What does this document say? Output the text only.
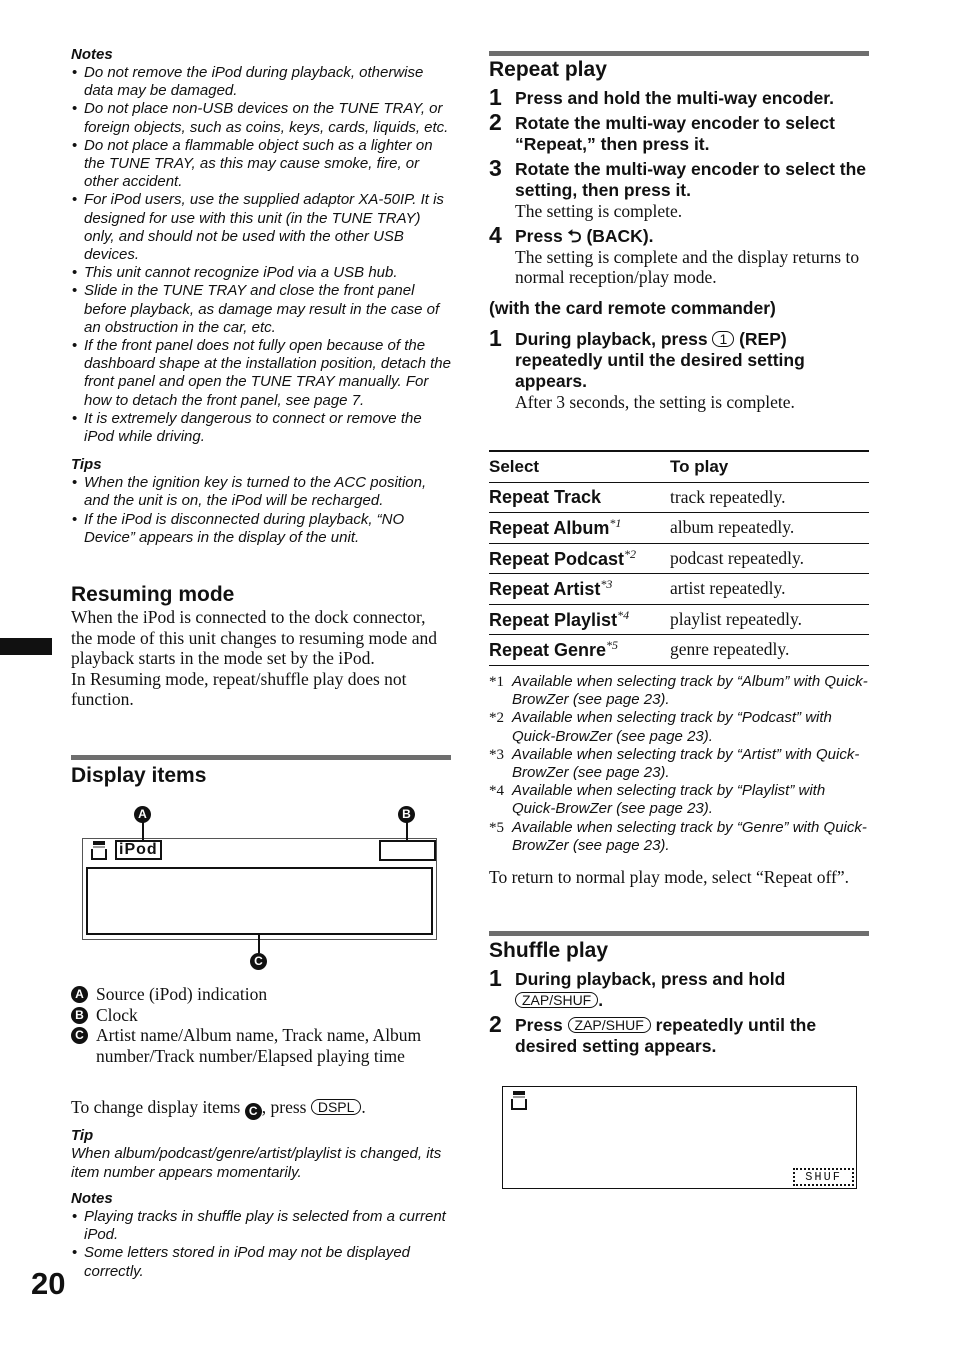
Notes
• Do not remove the iPod during playback, otherwise data may be damaged.
• Do not place non-USB devices on the TUNE TRAY, or foreign objects, such as coins, keys, cards, liquids, etc.
• Do not place a flammable object such as a lighter on the TUNE TRAY, as this may cause smoke, fire, or other accident.
• For iPod users, use the supplied adaptor XA-50IP. It is designed for use with this unit (in the TUNE TRAY) only, and should not be used with the other USB devices.
• This unit cannot recognize iPod via a USB hub.
• Slide in the TUNE TRAY and close the front panel before playback, as damage may result in the case of an obstruction in the car, etc.
• If the front panel does not fully open because of the dashboard shape at the installation position, detach the front panel and open the TUNE TRAY manually. For how to detach the front panel, see page 7.
• It is extremely dangerous to connect or remove the iPod while driving.
Tips
• When the ignition key is turned to the ACC position, and the unit is on, the iPod will be recharged.
• If the iPod is disconnected during playback, “NO Device” appears in the display of the unit.
Resuming mode
When the iPod is connected to the dock connector, the mode of this unit changes to resuming mode and playback starts in the mode set by the iPod.
In Resuming mode, repeat/shuffle play does not function.
Display items
iPod
A	B
C
A Source (iPod) indication
B Clock
C Artist name/Album name, Track name, Album number/Track number/Elapsed playing time
To change display items C , press DSPL .
Tip
When album/podcast/genre/artist/playlist is changed, its item number appears momentarily.
Notes
• Playing tracks in shuffle play is selected from a current iPod.
• Some letters stored in iPod may not be displayed correctly.
20
Repeat play
1 Press and hold the multi-way encoder.
2 Rotate the multi-way encoder to select “Repeat,” then press it.
3 Rotate the multi-way encoder to select the setting, then press it.
The setting is complete.
4 Press ⮌ (BACK).
The setting is complete and the display returns to normal reception/play mode.
(with the card remote commander)
1 During playback, press 1 (REP) repeatedly until the desired setting appears.
After 3 seconds, the setting is complete.
Select	To play
Repeat Track	track repeatedly.
Repeat Album$^{*1}$	album repeatedly.
Repeat Podcast$^{*2}$	podcast repeatedly.
Repeat Artist$^{*3}$	artist repeatedly.
Repeat Playlist$^{*4}$	playlist repeatedly.
Repeat Genre$^{*5}$	genre repeatedly.
*1 Available when selecting track by “Album” with Quick-BrowZer (see page 23).
*2 Available when selecting track by “Podcast” with Quick-BrowZer (see page 23).
*3 Available when selecting track by “Artist” with Quick-BrowZer (see page 23).
*4 Available when selecting track by “Playlist” with Quick-BrowZer (see page 23).
*5 Available when selecting track by “Genre” with Quick-BrowZer (see page 23).
To return to normal play mode, select “Repeat off”.
Shuffle play
1 During playback, press and hold ZAP/SHUF .
2 Press ZAP/SHUF repeatedly until the desired setting appears.
SHUF
